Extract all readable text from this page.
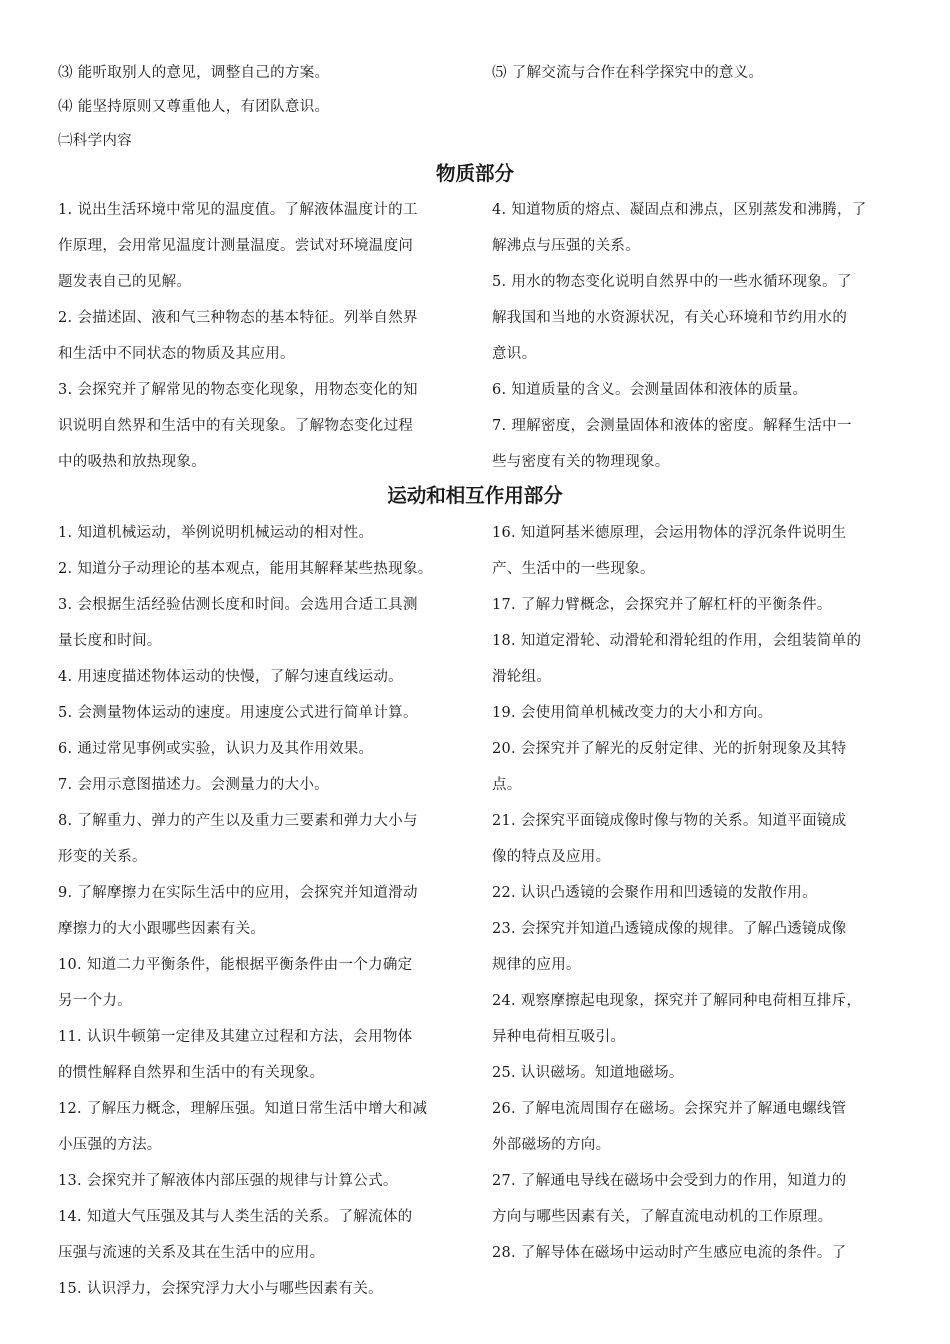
⑶ 能听取别人的意见，调整自己的方案。
⑷ 能坚持原则又尊重他人，有团队意识。
㈡科学内容
⑸ 了解交流与合作在科学探究中的意义。
物质部分
1. 说出生活环境中常见的温度值。了解液体温度计的工
作原理，会用常见温度计测量温度。尝试对环境温度问
题发表自己的见解。
2. 会描述固、液和气三种物态的基本特征。列举自然界
和生活中不同状态的物质及其应用。
3. 会探究并了解常见的物态变化现象，用物态变化的知
识说明自然界和生活中的有关现象。了解物态变化过程
中的吸热和放热现象。
4. 知道物质的熔点、凝固点和沸点，区别蒸发和沸腾，了
解沸点与压强的关系。
5. 用水的物态变化说明自然界中的一些水循环现象。了
解我国和当地的水资源状况，有关心环境和节约用水的
意识。
6. 知道质量的含义。会测量固体和液体的质量。
7. 理解密度，会测量固体和液体的密度。解释生活中一
些与密度有关的物理现象。
运动和相互作用部分
1. 知道机械运动，举例说明机械运动的相对性。
2. 知道分子动理论的基本观点，能用其解释某些热现象。
3. 会根据生活经验估测长度和时间。会选用合适工具测
量长度和时间。
4. 用速度描述物体运动的快慢，了解匀速直线运动。
5. 会测量物体运动的速度。用速度公式进行简单计算。
6. 通过常见事例或实验，认识力及其作用效果。
7. 会用示意图描述力。会测量力的大小。
8. 了解重力、弹力的产生以及重力三要素和弹力大小与
形变的关系。
9. 了解摩擦力在实际生活中的应用，会探究并知道滑动
摩擦力的大小跟哪些因素有关。
10. 知道二力平衡条件，能根据平衡条件由一个力确定
另一个力。
11. 认识牛顿第一定律及其建立过程和方法，会用物体
的惯性解释自然界和生活中的有关现象。
12. 了解压力概念，理解压强。知道日常生活中增大和减
小压强的方法。
13. 会探究并了解液体内部压强的规律与计算公式。
14. 知道大气压强及其与人类生活的关系。了解流体的
压强与流速的关系及其在生活中的应用。
15. 认识浮力，会探究浮力大小与哪些因素有关。
16. 知道阿基米德原理，会运用物体的浮沉条件说明生
产、生活中的一些现象。
17. 了解力臂概念，会探究并了解杠杆的平衡条件。
18. 知道定滑轮、动滑轮和滑轮组的作用，会组装简单的
滑轮组。
19. 会使用简单机械改变力的大小和方向。
20. 会探究并了解光的反射定律、光的折射现象及其特
点。
21. 会探究平面镜成像时像与物的关系。知道平面镜成
像的特点及应用。
22. 认识凸透镜的会聚作用和凹透镜的发散作用。
23. 会探究并知道凸透镜成像的规律。了解凸透镜成像
规律的应用。
24. 观察摩擦起电现象，探究并了解同种电荷相互排斥，
异种电荷相互吸引。
25. 认识磁场。知道地磁场。
26. 了解电流周围存在磁场。会探究并了解通电螺线管
外部磁场的方向。
27. 了解通电导线在磁场中会受到力的作用，知道力的
方向与哪些因素有关，了解直流电动机的工作原理。
28. 了解导体在磁场中运动时产生感应电流的条件。了
